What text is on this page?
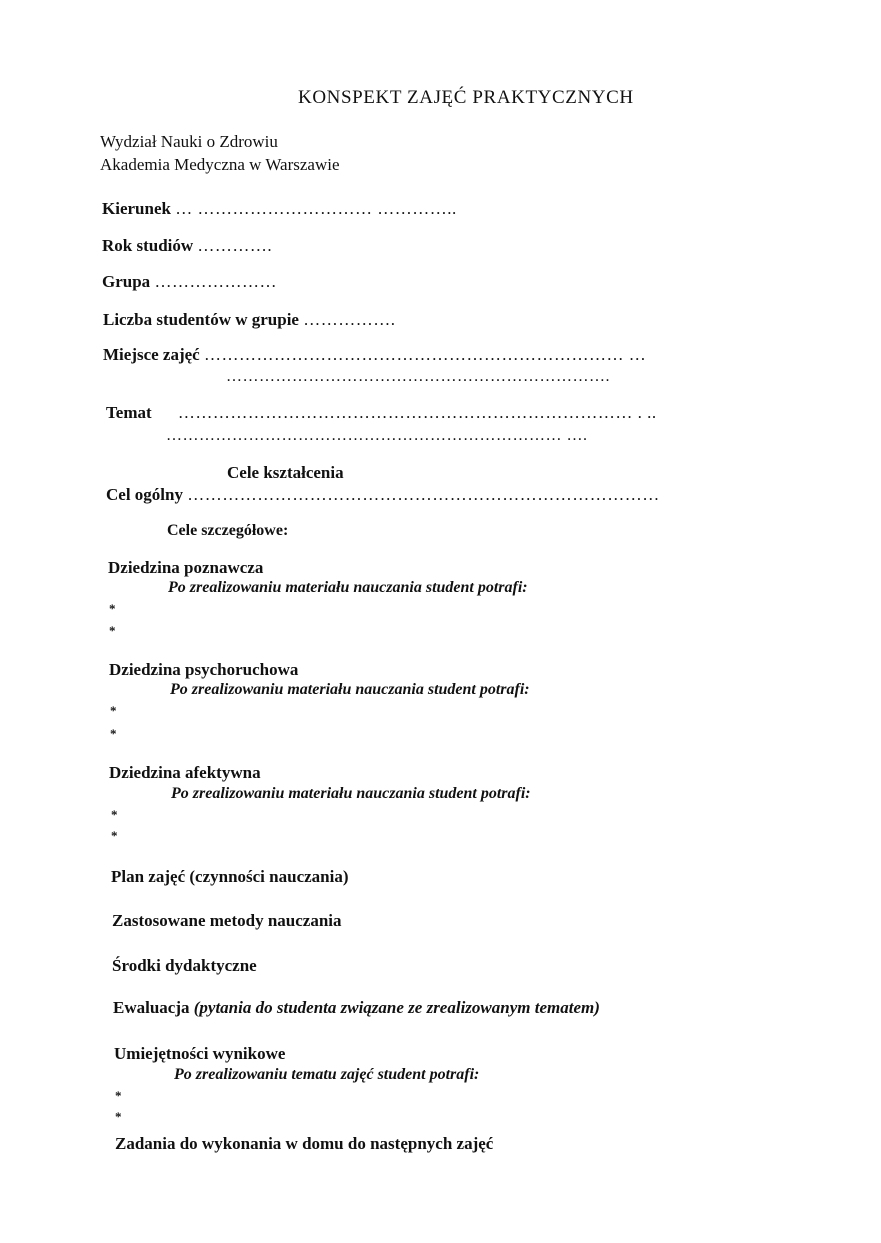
KONSPEKT ZAJĘĆ PRAKTYCZNYCH
Wydział Nauki o Zdrowiu
Akademia Medyczna w Warszawie
Kierunek … ………………………… …………..
Rok studiów ………….
Grupa …………………
Liczba studentów w grupie …………….
Miejsce zajęć ……………………………………………………………… …
…………………………………………………………….
Temat …………………………………………………………………… . ..
……………………………………………………………… ….
Cele kształcenia
Cel ogólny ………………………………………………………………………
Cele szczegółowe:
Dziedzina poznawcza
Po zrealizowaniu materiału nauczania student potrafi:
*
*
Dziedzina psychoruchowa
Po zrealizowaniu materiału nauczania student potrafi:
*
*
Dziedzina afektywna
Po zrealizowaniu materiału nauczania student potrafi:
*
*
Plan zajęć (czynności nauczania)
Zastosowane metody nauczania
Środki dydaktyczne
Ewaluacja (pytania do studenta związane ze zrealizowanym tematem)
Umiejętności wynikowe
Po zrealizowaniu tematu zajęć student potrafi:
*
*
Zadania do wykonania w domu do następnych zajęć
